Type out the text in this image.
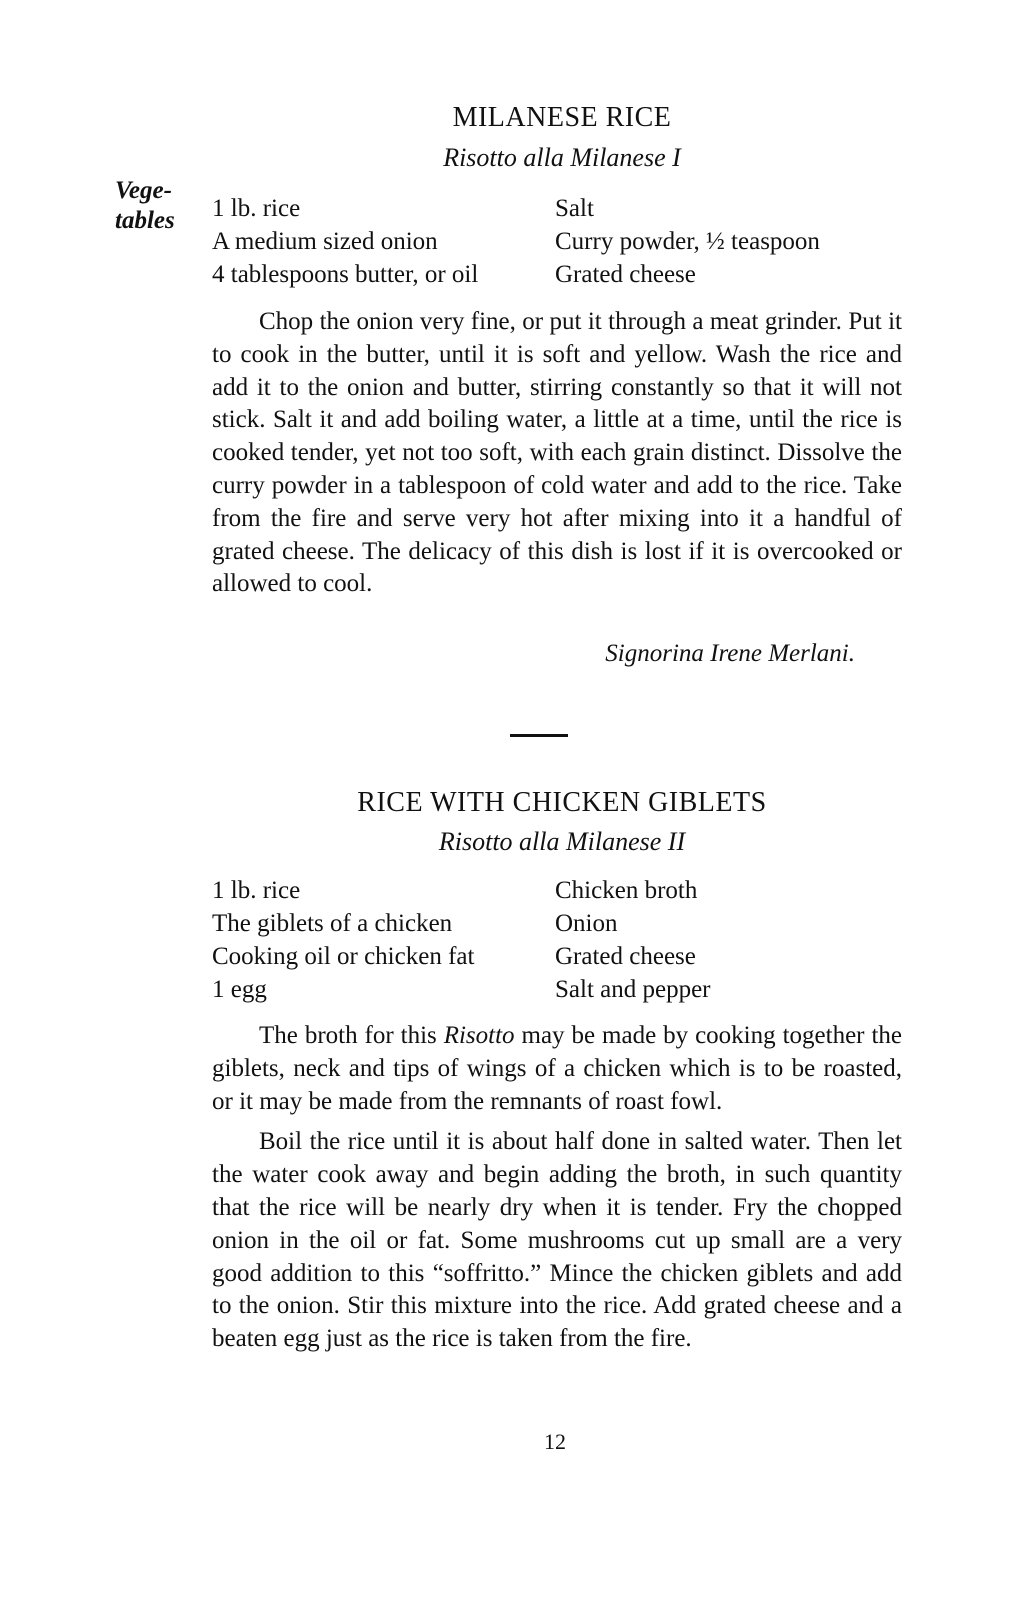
Vege-
tables
MILANESE RICE
Risotto alla Milanese I
1 lb. rice	Salt
A medium sized onion	Curry powder, ½ teaspoon
4 tablespoons butter, or oil	Grated cheese

Chop the onion very fine, or put it through a meat grinder. Put it to cook in the butter, until it is soft and yellow. Wash the rice and add it to the onion and butter, stirring constantly so that it will not stick. Salt it and add boiling water, a little at a time, until the rice is cooked tender, yet not too soft, with each grain distinct. Dissolve the curry powder in a tablespoon of cold water and add to the rice. Take from the fire and serve very hot after mixing into it a handful of grated cheese. The delicacy of this dish is lost if it is overcooked or allowed to cool.

Signorina Irene Merlani.
RICE WITH CHICKEN GIBLETS
Risotto alla Milanese II
1 lb. rice	Chicken broth
The giblets of a chicken	Onion
Cooking oil or chicken fat	Grated cheese
1 egg	Salt and pepper

The broth for this Risotto may be made by cooking together the giblets, neck and tips of wings of a chicken which is to be roasted, or it may be made from the remnants of roast fowl.

Boil the rice until it is about half done in salted water. Then let the water cook away and begin adding the broth, in such quantity that the rice will be nearly dry when it is tender. Fry the chopped onion in the oil or fat. Some mushrooms cut up small are a very good addition to this “soffritto.” Mince the chicken giblets and add to the onion. Stir this mixture into the rice. Add grated cheese and a beaten egg just as the rice is taken from the fire.

12
